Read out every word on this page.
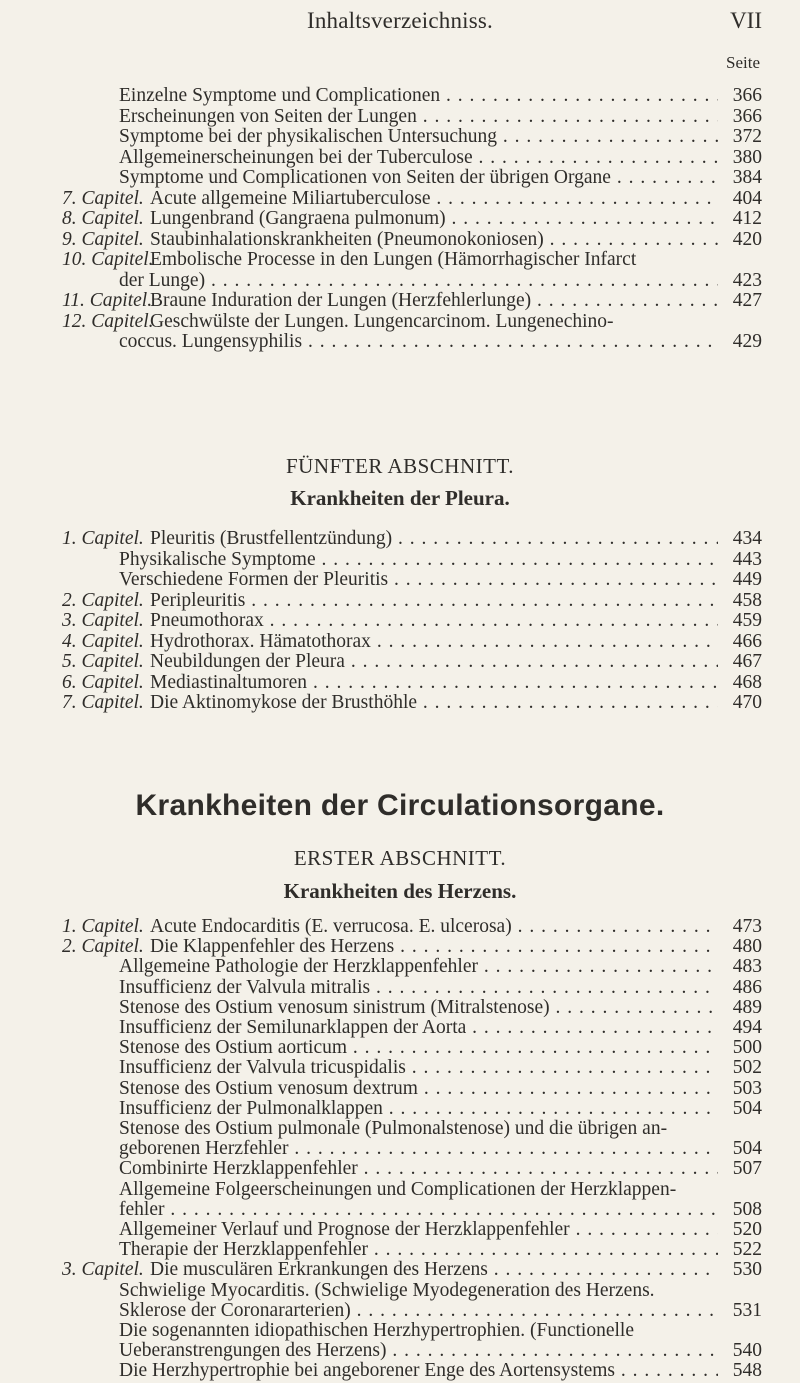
Inhaltsverzeichniss.	VII
Seite
Einzelne Symptome und Complicationen . . .	366
Erscheinungen von Seiten der Lungen . . .	366
Symptome bei der physikalischen Untersuchung . . .	372
Allgemeinerscheinungen bei der Tuberculose . . .	380
Symptome und Complicationen von Seiten der übrigen Organe . . .	384
7. Capitel. Acute allgemeine Miliartuberculose . . .	404
8. Capitel. Lungenbrand (Gangraena pulmonum) . . .	412
9. Capitel. Staubinhalationskrankheiten (Pneumonokoniosen) . . .	420
10. Capitel.
Embolische Processe in den Lungen (Hämorrhagischer Infarct
der Lunge) . . .	423
11. Capitel.
Braune Induration der Lungen (Herzfehlerlunge) . . .	427
12. Capitel.
Geschwülste der Lungen. Lungencarcinom. Lungenechino-
coccus. Lungensyphilis . . .	429
FÜNFTER ABSCHNITT.
Krankheiten der Pleura.
1. Capitel. Pleuritis (Brustfellentzündung) . . .	434
Physikalische Symptome . . .	443
Verschiedene Formen der Pleuritis . . .	449
2. Capitel. Peripleuritis . . .	458
3. Capitel. Pneumothorax . . .	459
4. Capitel. Hydrothorax. Hämatothorax . . .	466
5. Capitel. Neubildungen der Pleura . . .	467
6. Capitel. Mediastinaltumoren . . .	468
7. Capitel. Die Aktinomykose der Brusthöhle . . .	470
Krankheiten der Circulationsorgane.
ERSTER ABSCHNITT.
Krankheiten des Herzens.
1. Capitel. Acute Endocarditis (E. verrucosa. E. ulcerosa) . . .	473
2. Capitel. Die Klappenfehler des Herzens . . .	480
Allgemeine Pathologie der Herzklappenfehler . . .	483
Insufficienz der Valvula mitralis . . .	486
Stenose des Ostium venosum sinistrum (Mitralstenose) . . .	489
Insufficienz der Semilunarklappen der Aorta . . .	494
Stenose des Ostium aorticum . . .	500
Insufficienz der Valvula tricuspidalis . . .	502
Stenose des Ostium venosum dextrum . . .	503
Insufficienz der Pulmonalklappen . . .	504
Stenose des Ostium pulmonale (Pulmonalstenose) und die übrigen an-
geborenen Herzfehler . . .	504
Combinirte Herzklappenfehler . . .	507
Allgemeine Folgeerscheinungen und Complicationen der Herzklappen-
fehler . . .	508
Allgemeiner Verlauf und Prognose der Herzklappenfehler . . .	520
Therapie der Herzklappenfehler . . .	522
3. Capitel. Die musculären Erkrankungen des Herzens . . .	530
Schwielige Myocarditis. (Schwielige Myodegeneration des Herzens.
Sklerose der Coronararterien) . . .	531
Die sogenannten idiopathischen Herzhypertrophien. (Functionelle
Ueberanstrengungen des Herzens) . . .	540
Die Herzhypertrophie bei angeborener Enge des Aortensystems . . .	548
